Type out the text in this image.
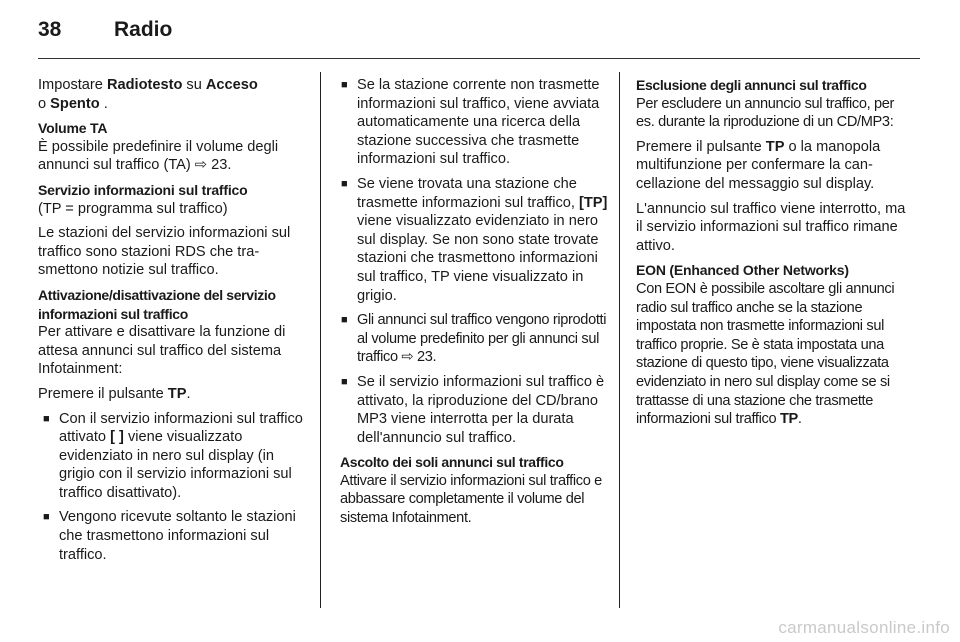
38	Radio

Impostare Radiotesto su Acceso
o Spento .

Volume TA

È possibile predefinire il volume degli annunci sul traffico (TA) ⇨ 23.

Servizio informazioni sul traffico

(TP = programma sul traffico)

Le stazioni del servizio informazioni sul traffico sono stazioni RDS che trasmettono notizie sul traffico.

Attivazione/disattivazione del servizio informazioni sul traffico

Per attivare e disattivare la funzione di attesa annunci sul traffico del sistema Infotainment:

Premere il pulsante TP.

■ Con il servizio informazioni sul traffico attivato [ ] viene visualizzato evidenziato in nero sul display (in grigio con il servizio informazioni sul traffico disattivato).
■ Vengono ricevute soltanto le stazioni che trasmettono informazioni sul traffico.
■ Se la stazione corrente non trasmette informazioni sul traffico, viene avviata automaticamente una ricerca della stazione successiva che trasmette informazioni sul traffico.
■ Se viene trovata una stazione che trasmette informazioni sul traffico, [TP] viene visualizzato evidenziato in nero sul display. Se non sono state trovate stazioni che trasmettono informazioni sul traffico, TP viene visualizzato in grigio.
■ Gli annunci sul traffico vengono riprodotti al volume predefinito per gli annunci sul traffico ⇨ 23.
■ Se il servizio informazioni sul traffico è attivato, la riproduzione del CD/brano MP3 viene interrotta per la durata dell'annuncio sul traffico.

Ascolto dei soli annunci sul traffico

Attivare il servizio informazioni sul traffico e abbassare completamente il volume del sistema Infotainment.

Esclusione degli annunci sul traffico

Per escludere un annuncio sul traffico, per es. durante la riproduzione di un CD/MP3:

Premere il pulsante TP o la manopola multifunzione per confermare la cancellazione del messaggio sul display.

L'annuncio sul traffico viene interrotto, ma il servizio informazioni sul traffico rimane attivo.

EON (Enhanced Other Networks)

Con EON è possibile ascoltare gli annunci radio sul traffico anche se la stazione impostata non trasmette informazioni sul traffico proprie. Se è stata impostata una stazione di questo tipo, viene visualizzata evidenziato in nero sul display come se si trattasse di una stazione che trasmette informazioni sul traffico TP.

carmanualsonline.info
